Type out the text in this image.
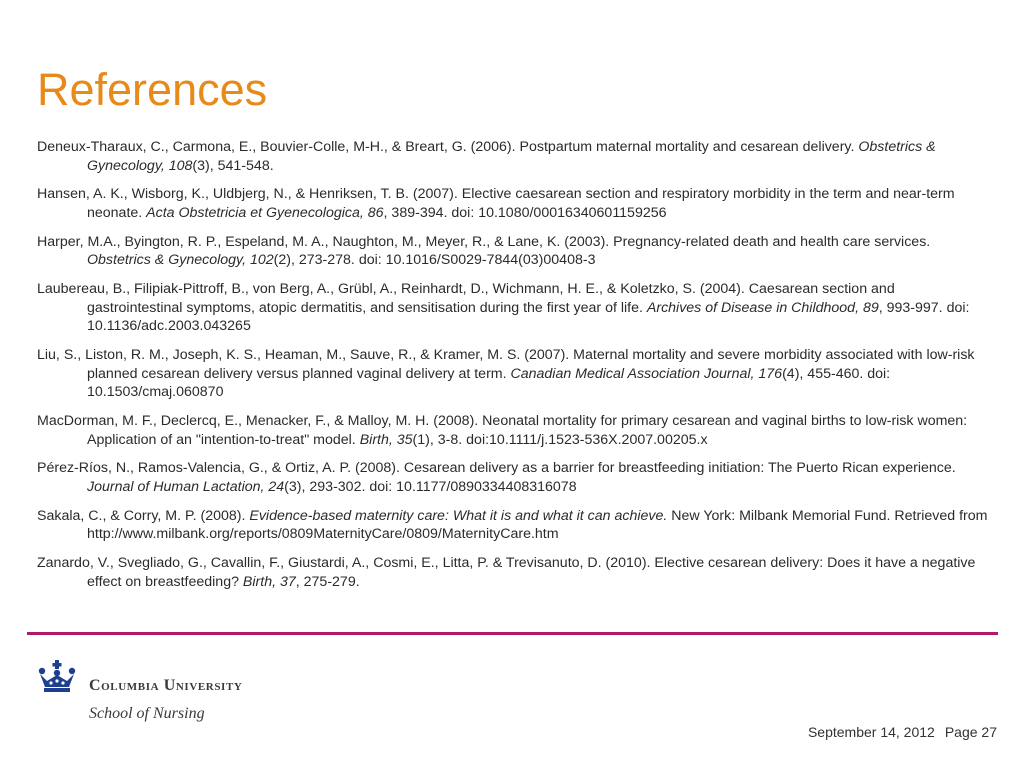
References

Deneux-Tharaux, C., Carmona, E., Bouvier-Colle, M-H., & Breart, G. (2006). Postpartum maternal mortality and cesarean delivery. Obstetrics & Gynecology, 108(3), 541-548.

Hansen, A. K., Wisborg, K., Uldbjerg, N., & Henriksen, T. B. (2007). Elective caesarean section and respiratory morbidity in the term and near-term neonate. Acta Obstetricia et Gyenecologica, 86, 389-394. doi: 10.1080/00016340601159256

Harper, M.A., Byington, R. P., Espeland, M. A., Naughton, M., Meyer, R., & Lane, K. (2003). Pregnancy-related death and health care services. Obstetrics & Gynecology, 102(2), 273-278. doi: 10.1016/S0029-7844(03)00408-3

Laubereau, B., Filipiak-Pittroff, B., von Berg, A., Grübl, A., Reinhardt, D., Wichmann, H. E., & Koletzko, S. (2004). Caesarean section and gastrointestinal symptoms, atopic dermatitis, and sensitisation during the first year of life. Archives of Disease in Childhood, 89, 993-997. doi: 10.1136/adc.2003.043265

Liu, S., Liston, R. M., Joseph, K. S., Heaman, M., Sauve, R., & Kramer, M. S. (2007). Maternal mortality and severe morbidity associated with low-risk planned cesarean delivery versus planned vaginal delivery at term. Canadian Medical Association Journal, 176(4), 455-460. doi: 10.1503/cmaj.060870

MacDorman, M. F., Declercq, E., Menacker, F., & Malloy, M. H. (2008). Neonatal mortality for primary cesarean and vaginal births to low-risk women: Application of an "intention-to-treat" model. Birth, 35(1), 3-8. doi:10.1111/j.1523-536X.2007.00205.x

Pérez-Ríos, N., Ramos-Valencia, G., & Ortiz, A. P. (2008). Cesarean delivery as a barrier for breastfeeding initiation: The Puerto Rican experience. Journal of Human Lactation, 24(3), 293-302. doi: 10.1177/0890334408316078

Sakala, C., & Corry, M. P. (2008). Evidence-based maternity care: What it is and what it can achieve. New York: Milbank Memorial Fund. Retrieved from http://www.milbank.org/reports/0809MaternityCare/0809/MaternityCare.htm

Zanardo, V., Svegliado, G., Cavallin, F., Giustardi, A., Cosmi, E., Litta, P. & Trevisanuto, D. (2010). Elective cesarean delivery: Does it have a negative effect on breastfeeding? Birth, 37, 275-279.

Columbia University
School of Nursing
September 14, 2012 Page 27
